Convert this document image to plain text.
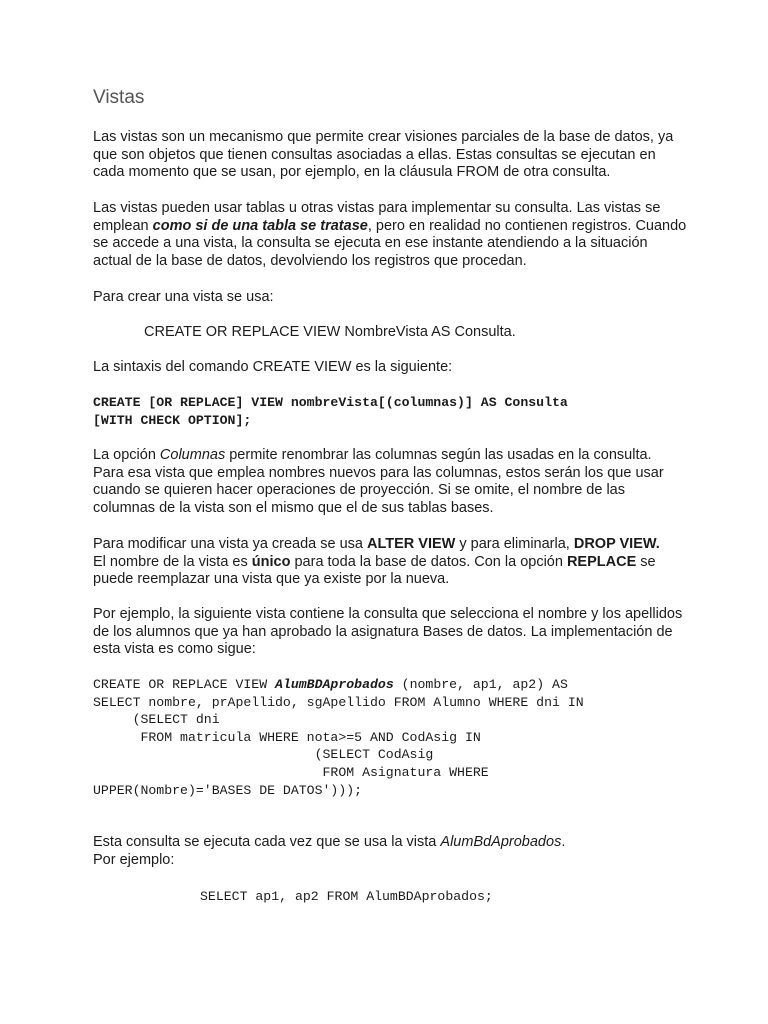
Vistas
Las vistas son un mecanismo que permite crear visiones parciales de la base de datos, ya
que son objetos que tienen consultas asociadas a ellas. Estas consultas se ejecutan en
cada momento que se usan, por ejemplo, en la cláusula FROM de otra consulta.
Las vistas pueden usar tablas u otras vistas para implementar su consulta. Las vistas se
emplean como si de una tabla se tratase, pero en realidad no contienen registros. Cuando
se accede a una vista, la consulta se ejecuta en ese instante atendiendo a la situación
actual de la base de datos, devolviendo los registros que procedan.
Para crear una vista se usa:
CREATE OR REPLACE VIEW NombreVista AS Consulta.
La sintaxis del comando CREATE VIEW es la siguiente:
CREATE [OR REPLACE] VIEW nombreVista[(columnas)] AS Consulta
[WITH CHECK OPTION];
La opción Columnas permite renombrar las columnas según las usadas en la consulta.
Para esa vista que emplea nombres nuevos para las columnas, estos serán los que usar
cuando se quieren hacer operaciones de proyección. Si se omite, el nombre de las
columnas de la vista son el mismo que el de sus tablas bases.
Para modificar una vista ya creada se usa ALTER VIEW y para eliminarla, DROP VIEW.
El nombre de la vista es único para toda la base de datos. Con la opción REPLACE se
puede reemplazar una vista que ya existe por la nueva.
Por ejemplo, la siguiente vista contiene la consulta que selecciona el nombre y los apellidos
de los alumnos que ya han aprobado la asignatura Bases de datos. La implementación de
esta vista es como sigue:
CREATE OR REPLACE VIEW AlumBDAprobados (nombre, ap1, ap2) AS
SELECT nombre, prApellido, sgApellido FROM Alumno WHERE dni IN
(SELECT dni
FROM matricula WHERE nota>=5 AND CodAsig IN
(SELECT CodAsig
FROM Asignatura WHERE
UPPER(Nombre)='BASES DE DATOS')));
Esta consulta se ejecuta cada vez que se usa la vista AlumBdAprobados.
Por ejemplo:
SELECT ap1, ap2 FROM AlumBDAprobados;
